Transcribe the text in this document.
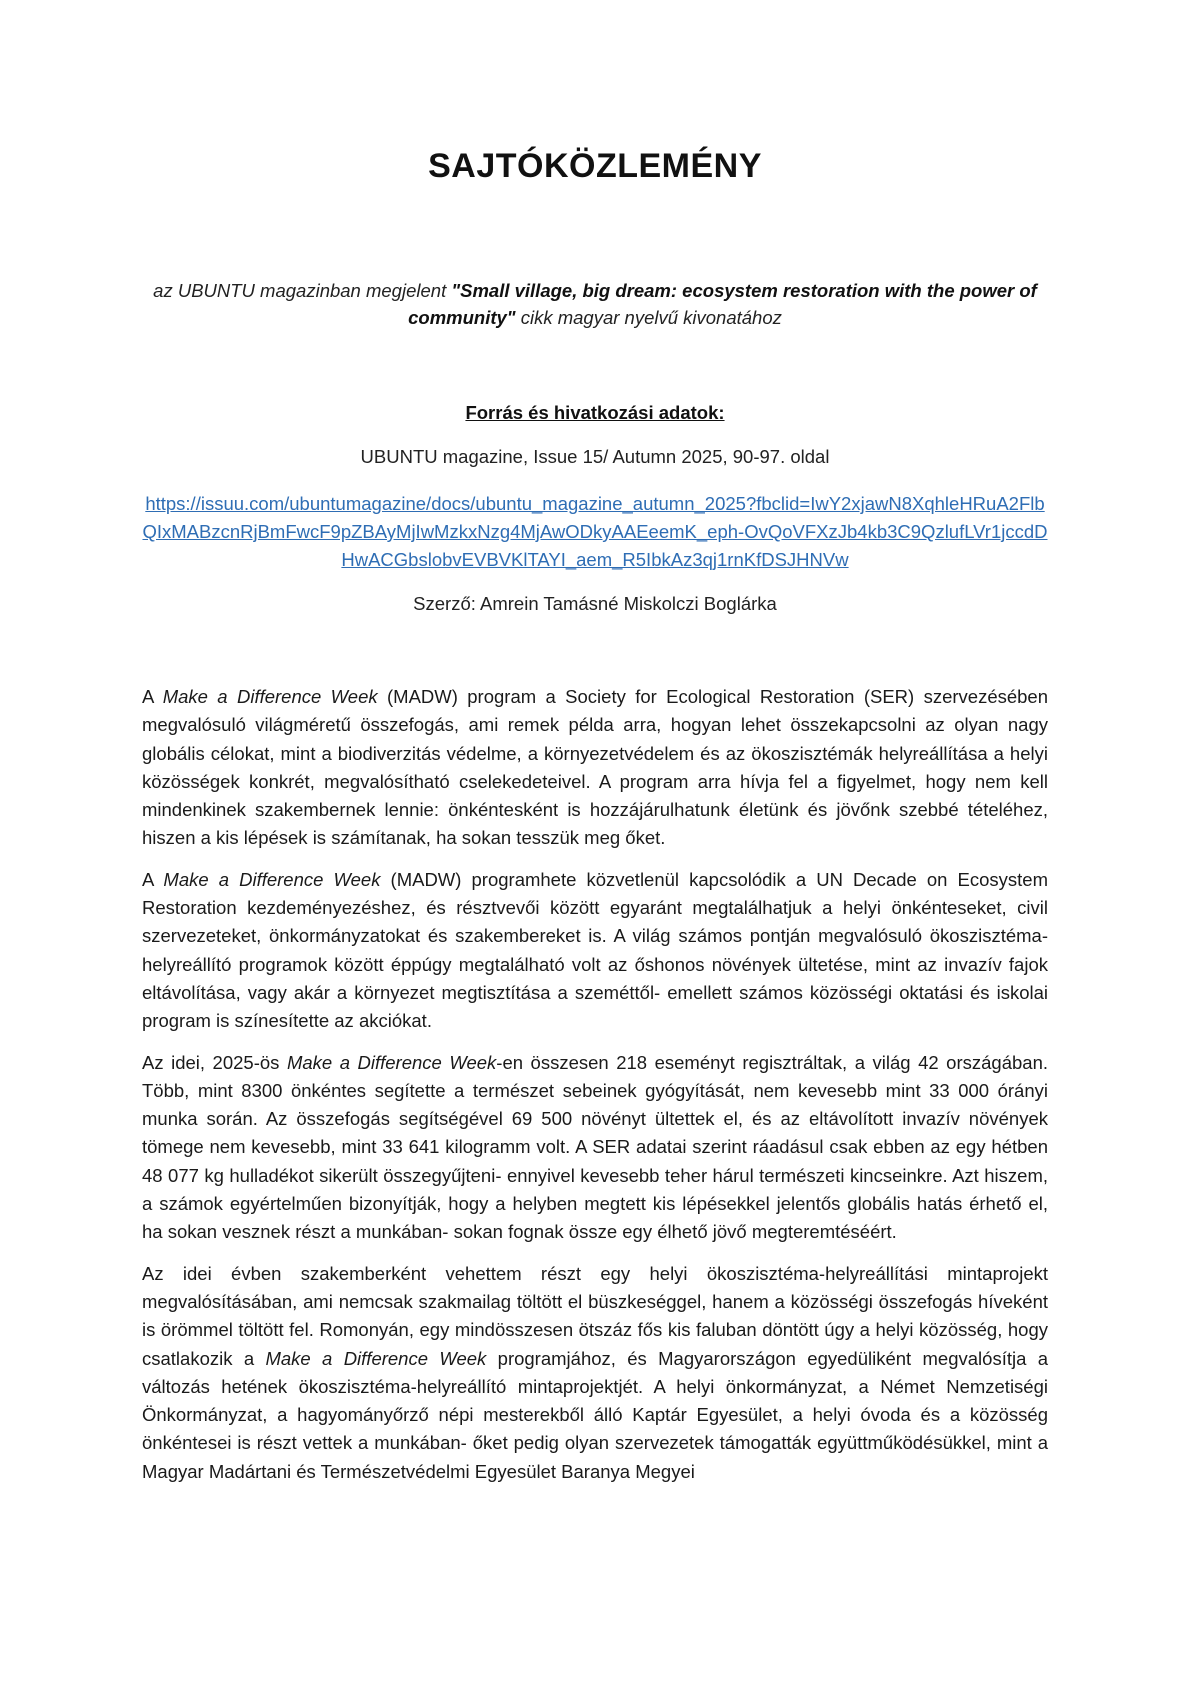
SAJTÓKÖZLEMÉNY
az UBUNTU magazinban megjelent "Small village, big dream: ecosystem restoration with the power of community" cikk magyar nyelvű kivonatához
Forrás és hivatkozási adatok:
UBUNTU magazine, Issue 15/ Autumn 2025, 90-97. oldal
https://issuu.com/ubuntumagazine/docs/ubuntu_magazine_autumn_2025?fbclid=IwY2xjawN8XqhleHRuA2FlbQIxMABzcnRjBmFwcF9pZBAyMjIwMzkxNzg4MjAwODkyAAEeemK_eph-OvQoVFXzJb4kb3C9QzlufLVr1jccdDHwACGbslobvEVBVKlTAYI_aem_R5IbkAz3qj1rnKfDSJHNVw
Szerző: Amrein Tamásné Miskolczi Boglárka

A Make a Difference Week (MADW) program a Society for Ecological Restoration (SER) szervezésében megvalósuló világméretű összefogás, ami remek példa arra, hogyan lehet összekapcsolni az olyan nagy globális célokat, mint a biodiverzitás védelme, a környezetvédelem és az ökoszisztémák helyreállítása a helyi közösségek konkrét, megvalósítható cselekedeteivel. A program arra hívja fel a figyelmet, hogy nem kell mindenkinek szakembernek lennie: önkéntesként is hozzájárulhatunk életünk és jövőnk szebbé tételéhez, hiszen a kis lépések is számítanak, ha sokan tesszük meg őket.

A Make a Difference Week (MADW) programhete közvetlenül kapcsolódik a UN Decade on Ecosystem Restoration kezdeményezéshez, és résztvevői között egyaránt megtalálhatjuk a helyi önkénteseket, civil szervezeteket, önkormányzatokat és szakembereket is. A világ számos pontján megvalósuló ökoszisztéma-helyreállító programok között éppúgy megtalálható volt az őshonos növények ültetése, mint az invazív fajok eltávolítása, vagy akár a környezet megtisztítása a szeméttől- emellett számos közösségi oktatási és iskolai program is színesítette az akciókat.

Az idei, 2025-ös Make a Difference Week-en összesen 218 eseményt regisztráltak, a világ 42 országában. Több, mint 8300 önkéntes segítette a természet sebeinek gyógyítását, nem kevesebb mint 33 000 órányi munka során. Az összefogás segítségével 69 500 növényt ültettek el, és az eltávolított invazív növények tömege nem kevesebb, mint 33 641 kilogramm volt. A SER adatai szerint ráadásul csak ebben az egy hétben 48 077 kg hulladékot sikerült összegyűjteni- ennyivel kevesebb teher hárul természeti kincseinkre. Azt hiszem, a számok egyértelműen bizonyítják, hogy a helyben megtett kis lépésekkel jelentős globális hatás érhető el, ha sokan vesznek részt a munkában- sokan fognak össze egy élhető jövő megteremtéséért.

Az idei évben szakemberként vehettem részt egy helyi ökoszisztéma-helyreállítási mintaprojekt megvalósításában, ami nemcsak szakmailag töltött el büszkeséggel, hanem a közösségi összefogás híveként is örömmel töltött fel. Romonyán, egy mindösszesen ötszáz fős kis faluban döntött úgy a helyi közösség, hogy csatlakozik a Make a Difference Week programjához, és Magyarországon egyedüliként megvalósítja a változás hetének ökoszisztéma-helyreállító mintaprojektjét. A helyi önkormányzat, a Német Nemzetiségi Önkormányzat, a hagyományőrző népi mesterekből álló Kaptár Egyesület, a helyi óvoda és a közösség önkéntesei is részt vettek a munkában- őket pedig olyan szervezetek támogatták együttműködésükkel, mint a Magyar Madártani és Természetvédelmi Egyesület Baranya Megyei
